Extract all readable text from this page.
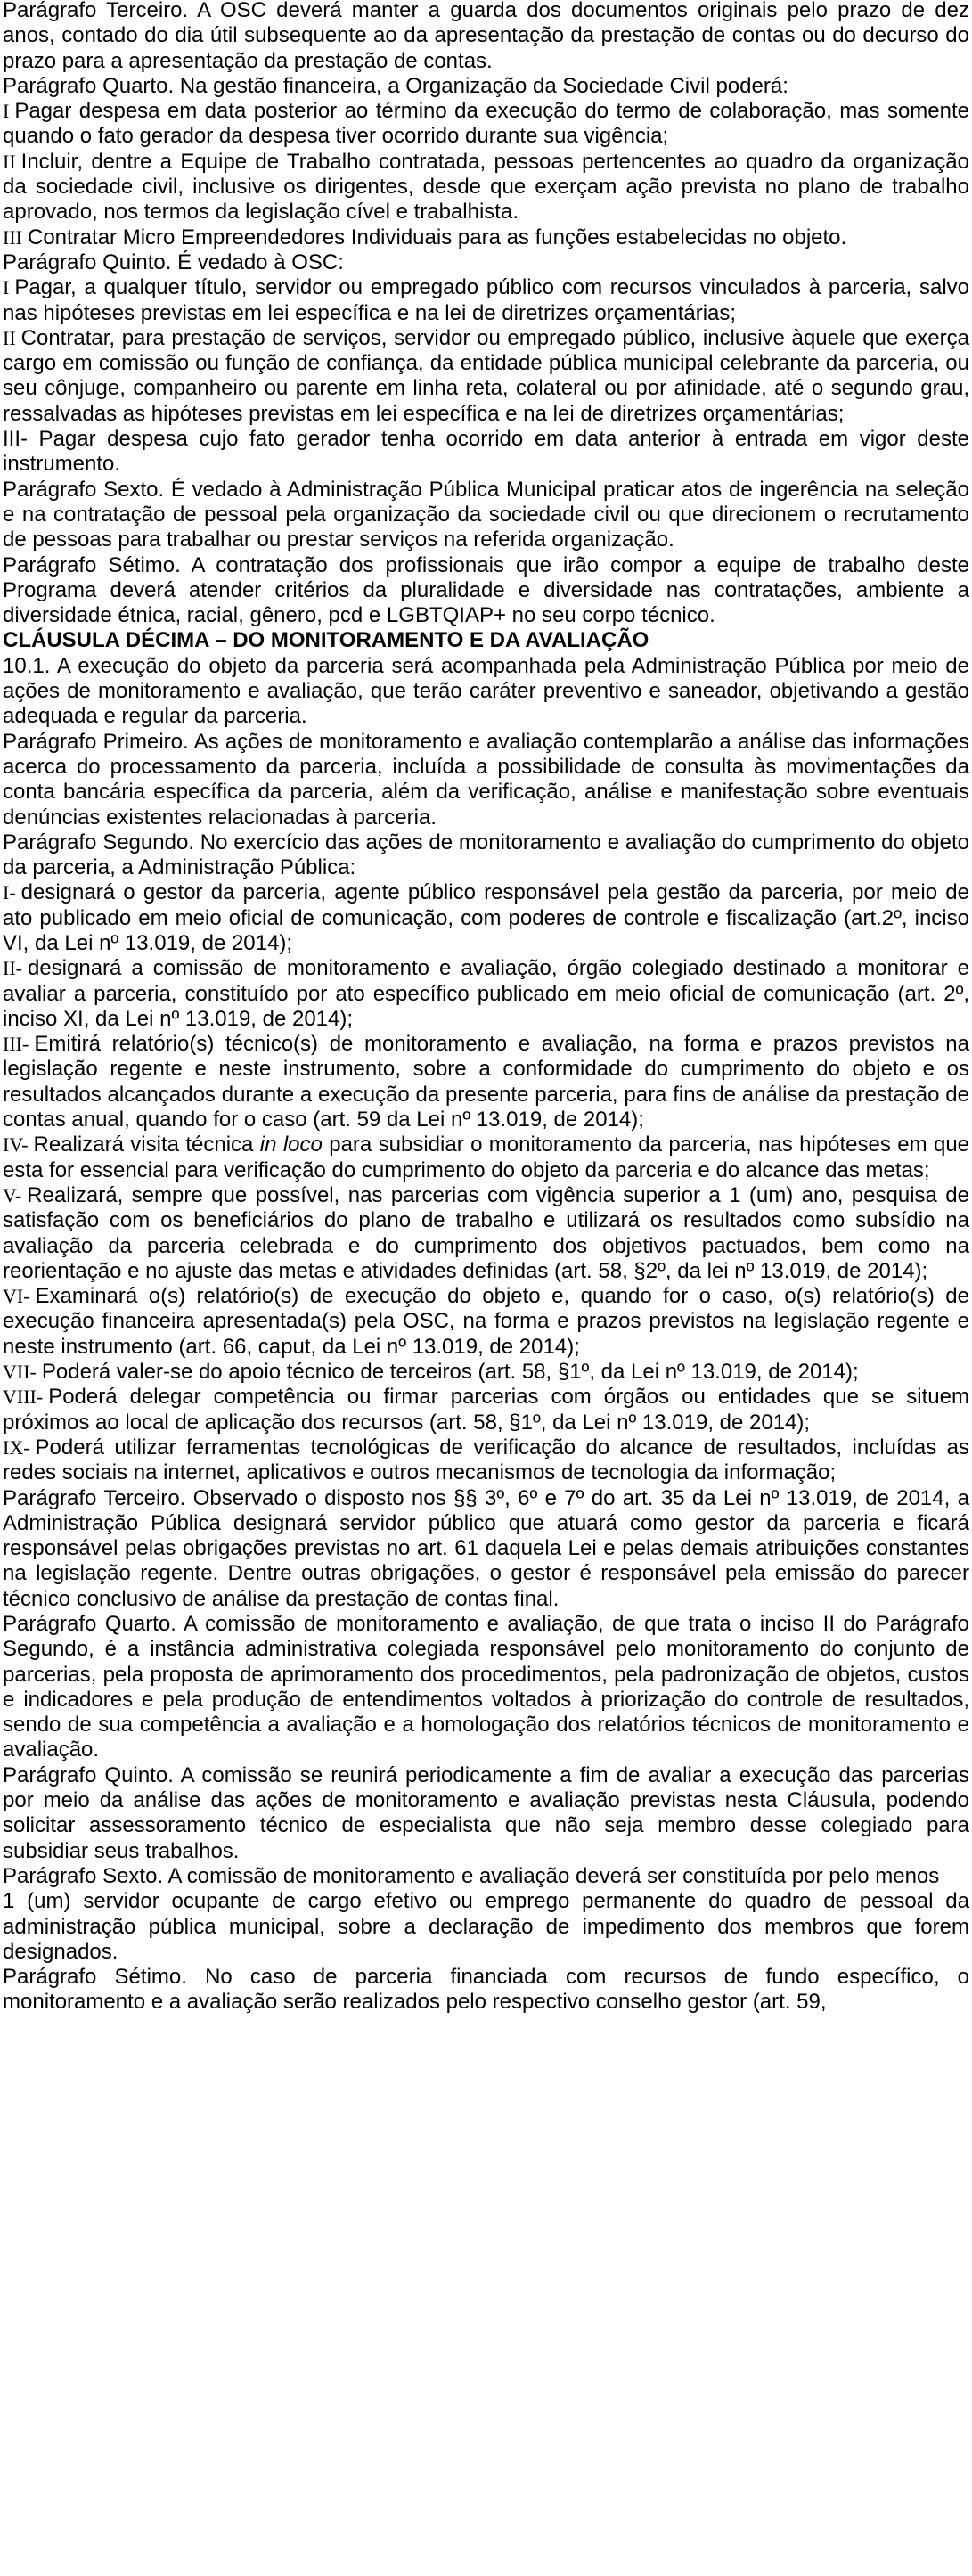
Parágrafo Terceiro. A OSC deverá manter a guarda dos documentos originais pelo prazo de dez anos, contado do dia útil subsequente ao da apresentação da prestação de contas ou do decurso do prazo para a apresentação da prestação de contas.
Parágrafo Quarto. Na gestão financeira, a Organização da Sociedade Civil poderá:
I Pagar despesa em data posterior ao término da execução do termo de colaboração, mas somente quando o fato gerador da despesa tiver ocorrido durante sua vigência;
II Incluir, dentre a Equipe de Trabalho contratada, pessoas pertencentes ao quadro da organização da sociedade civil, inclusive os dirigentes, desde que exerçam ação prevista no plano de trabalho aprovado, nos termos da legislação cível e trabalhista.
III Contratar Micro Empreendedores Individuais para as funções estabelecidas no objeto.
Parágrafo Quinto. É vedado à OSC:
I Pagar, a qualquer título, servidor ou empregado público com recursos vinculados à parceria, salvo nas hipóteses previstas em lei específica e na lei de diretrizes orçamentárias;
II Contratar, para prestação de serviços, servidor ou empregado público, inclusive àquele que exerça cargo em comissão ou função de confiança, da entidade pública municipal celebrante da parceria, ou seu cônjuge, companheiro ou parente em linha reta, colateral ou por afinidade, até o segundo grau, ressalvadas as hipóteses previstas em lei específica e na lei de diretrizes orçamentárias;
III- Pagar despesa cujo fato gerador tenha ocorrido em data anterior à entrada em vigor deste instrumento.
Parágrafo Sexto. É vedado à Administração Pública Municipal praticar atos de ingerência na seleção e na contratação de pessoal pela organização da sociedade civil ou que direcionem o recrutamento de pessoas para trabalhar ou prestar serviços na referida organização.
Parágrafo Sétimo. A contratação dos profissionais que irão compor a equipe de trabalho deste Programa deverá atender critérios da pluralidade e diversidade nas contratações, ambiente a diversidade étnica, racial, gênero, pcd e LGBTQIAP+ no seu corpo técnico.
CLÁUSULA DÉCIMA – DO MONITORAMENTO E DA AVALIAÇÃO
10.1. A execução do objeto da parceria será acompanhada pela Administração Pública por meio de ações de monitoramento e avaliação, que terão caráter preventivo e saneador, objetivando a gestão adequada e regular da parceria.
Parágrafo Primeiro. As ações de monitoramento e avaliação contemplarão a análise das informações acerca do processamento da parceria, incluída a possibilidade de consulta às movimentações da conta bancária específica da parceria, além da verificação, análise e manifestação sobre eventuais denúncias existentes relacionadas à parceria.
Parágrafo Segundo. No exercício das ações de monitoramento e avaliação do cumprimento do objeto da parceria, a Administração Pública:
I- designará o gestor da parceria, agente público responsável pela gestão da parceria, por meio de ato publicado em meio oficial de comunicação, com poderes de controle e fiscalização (art.2º, inciso VI, da Lei nº 13.019, de 2014);
II- designará a comissão de monitoramento e avaliação, órgão colegiado destinado a monitorar e avaliar a parceria, constituído por ato específico publicado em meio oficial de comunicação (art. 2º, inciso XI, da Lei nº 13.019, de 2014);
III- Emitirá relatório(s) técnico(s) de monitoramento e avaliação, na forma e prazos previstos na legislação regente e neste instrumento, sobre a conformidade do cumprimento do objeto e os resultados alcançados durante a execução da presente parceria, para fins de análise da prestação de contas anual, quando for o caso (art. 59 da Lei nº 13.019, de 2014);
IV- Realizará visita técnica in loco para subsidiar o monitoramento da parceria, nas hipóteses em que esta for essencial para verificação do cumprimento do objeto da parceria e do alcance das metas;
V- Realizará, sempre que possível, nas parcerias com vigência superior a 1 (um) ano, pesquisa de satisfação com os beneficiários do plano de trabalho e utilizará os resultados como subsídio na avaliação da parceria celebrada e do cumprimento dos objetivos pactuados, bem como na reorientação e no ajuste das metas e atividades definidas (art. 58, §2º, da lei nº 13.019, de 2014);
VI- Examinará o(s) relatório(s) de execução do objeto e, quando for o caso, o(s) relatório(s) de execução financeira apresentada(s) pela OSC, na forma e prazos previstos na legislação regente e neste instrumento (art. 66, caput, da Lei nº 13.019, de 2014);
VII- Poderá valer-se do apoio técnico de terceiros (art. 58, §1º, da Lei nº 13.019, de 2014);
VIII- Poderá delegar competência ou firmar parcerias com órgãos ou entidades que se situem próximos ao local de aplicação dos recursos (art. 58, §1º, da Lei nº 13.019, de 2014);
IX- Poderá utilizar ferramentas tecnológicas de verificação do alcance de resultados, incluídas as redes sociais na internet, aplicativos e outros mecanismos de tecnologia da informação;
Parágrafo Terceiro. Observado o disposto nos §§ 3º, 6º e 7º do art. 35 da Lei nº 13.019, de 2014, a Administração Pública designará servidor público que atuará como gestor da parceria e ficará responsável pelas obrigações previstas no art. 61 daquela Lei e pelas demais atribuições constantes na legislação regente. Dentre outras obrigações, o gestor é responsável pela emissão do parecer técnico conclusivo de análise da prestação de contas final.
Parágrafo Quarto. A comissão de monitoramento e avaliação, de que trata o inciso II do Parágrafo Segundo, é a instância administrativa colegiada responsável pelo monitoramento do conjunto de parcerias, pela proposta de aprimoramento dos procedimentos, pela padronização de objetos, custos e indicadores e pela produção de entendimentos voltados à priorização do controle de resultados, sendo de sua competência a avaliação e a homologação dos relatórios técnicos de monitoramento e avaliação.
Parágrafo Quinto. A comissão se reunirá periodicamente a fim de avaliar a execução das parcerias por meio da análise das ações de monitoramento e avaliação previstas nesta Cláusula, podendo solicitar assessoramento técnico de especialista que não seja membro desse colegiado para subsidiar seus trabalhos.
Parágrafo Sexto. A comissão de monitoramento e avaliação deverá ser constituída por pelo menos
1 (um) servidor ocupante de cargo efetivo ou emprego permanente do quadro de pessoal da administração pública municipal, sobre a declaração de impedimento dos membros que forem designados.
Parágrafo Sétimo. No caso de parceria financiada com recursos de fundo específico, o monitoramento e a avaliação serão realizados pelo respectivo conselho gestor (art. 59,
